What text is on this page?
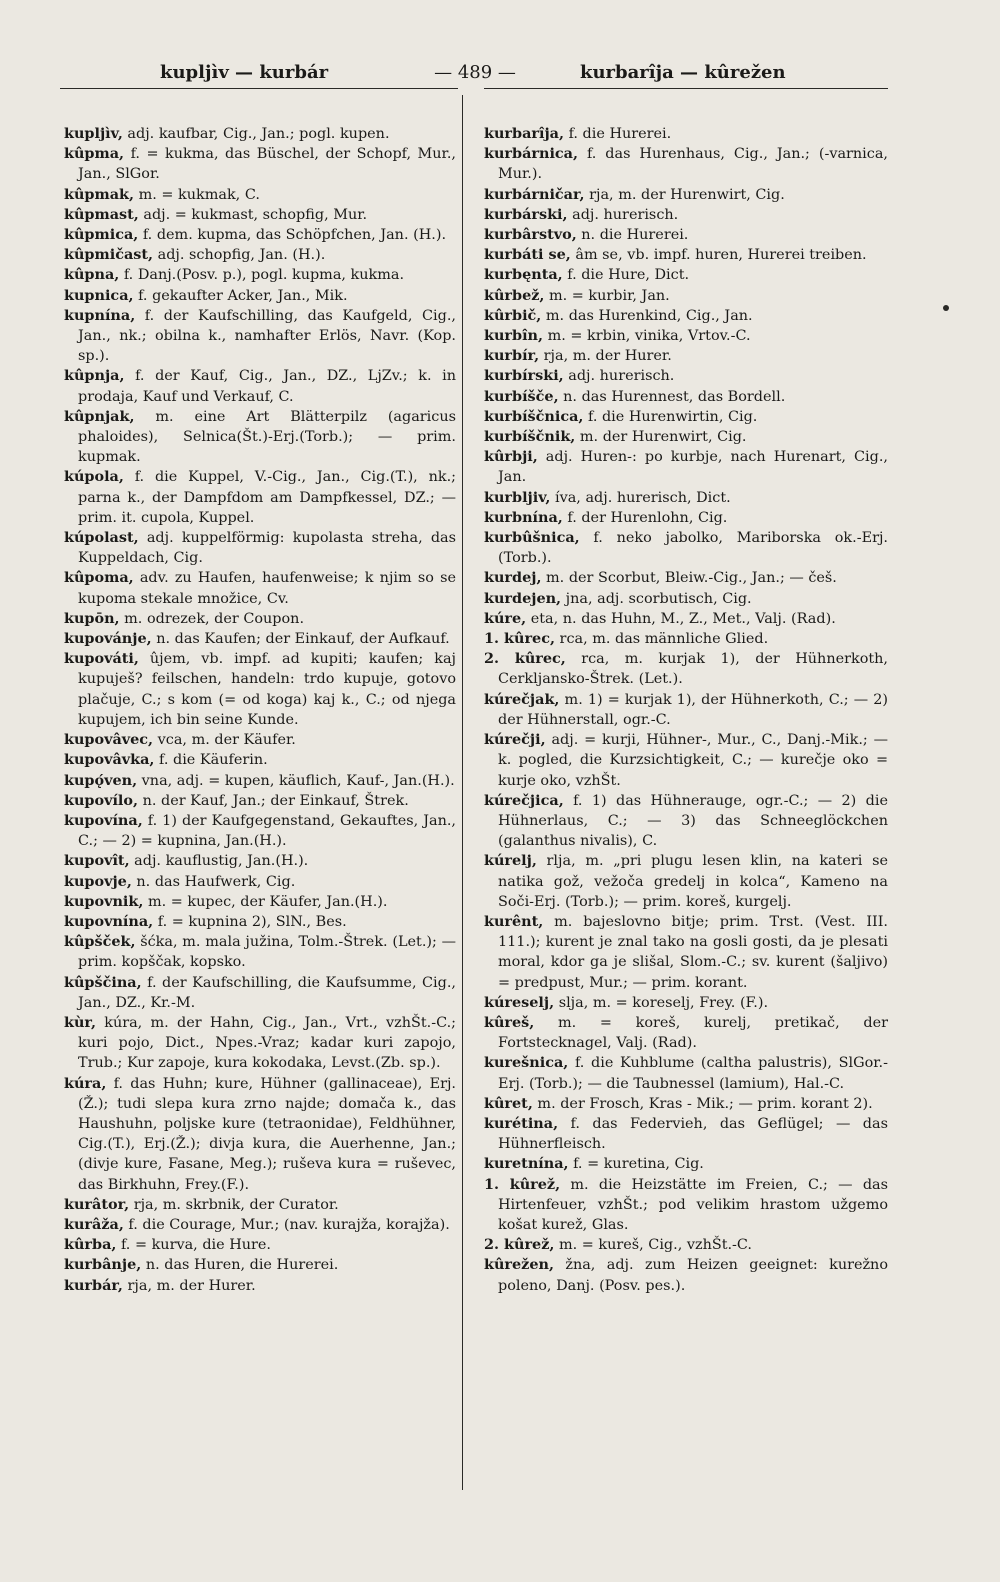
kupljìv — kurbár	— 489 —	kurbarîja — kûrežen

kupljìv, adj. kaufbar, Cig., Jan.; pogl. kupen.

kûpma, f. = kukma, das Büschel, der Schopf, Mur., Jan., SlGor.

kûpmak, m. = kukmak, C.

kûpmast, adj. = kukmast, schopfig, Mur.

kûpmica, f. dem. kupma, das Schöpfchen, Jan. (H.).

kûpmičast, adj. schopfig, Jan. (H.).

kûpna, f. Danj.(Posv. p.), pogl. kupma, kukma.

kupnica, f. gekaufter Acker, Jan., Mik.

kupnína, f. der Kaufschilling, das Kaufgeld, Cig., Jan., nk.; obilna k., namhafter Erlös, Navr. (Kop. sp.).

kûpnja, f. der Kauf, Cig., Jan., DZ., LjZv.; k. in prodaja, Kauf und Verkauf, C.

kûpnjak, m. eine Art Blätterpilz (agaricus phaloides), Selnica(Št.)-Erj.(Torb.); — prim. kupmak.

kúpola, f. die Kuppel, V.-Cig., Jan., Cig.(T.), nk.; parna k., der Dampfdom am Dampfkessel, DZ.; — prim. it. cupola, Kuppel.

kúpolast, adj. kuppelförmig: kupolasta streha, das Kuppeldach, Cig.

kûpoma, adv. zu Haufen, haufenweise; k njim so se kupoma stekale množice, Cv.

kupōn, m. odrezek, der Coupon.

kupovánje, n. das Kaufen; der Einkauf, der Aufkauf.

kupováti, ûjem, vb. impf. ad kupiti; kaufen; kaj kupuješ? feilschen, handeln: trdo kupuje, gotovo plačuje, C.; s kom (= od koga) kaj k., C.; od njega kupujem, ich bin seine Kunde.

kupovâvec, vca, m. der Käufer.

kupovâvka, f. die Käuferin.

kupǫ́ven, vna, adj. = kupen, käuflich, Kauf-, Jan.(H.).

kupovílo, n. der Kauf, Jan.; der Einkauf, Štrek.

kupovína, f. 1) der Kaufgegenstand, Gekauftes, Jan., C.; — 2) = kupnina, Jan.(H.).

kupovît, adj. kauflustig, Jan.(H.).

kupovje, n. das Haufwerk, Cig.

kupovnik, m. = kupec, der Käufer, Jan.(H.).

kupovnína, f. = kupnina 2), SlN., Bes.

kûpšček, šćka, m. mala južina, Tolm.-Štrek. (Let.); — prim. kopščak, kopsko.

kûpščina, f. der Kaufschilling, die Kaufsumme, Cig., Jan., DZ., Kr.-M.

kùr, kúra, m. der Hahn, Cig., Jan., Vrt., vzhŠt.-C.; kuri pojo, Dict., Npes.-Vraz; kadar kuri zapojo, Trub.; Kur zapoje, kura kokodaka, Levst.(Zb. sp.).

kúra, f. das Huhn; kure, Hühner (gallinaceae), Erj.(Ž.); tudi slepa kura zrno najde; domača k., das Haushuhn, poljske kure (tetraonidae), Feldhühner, Cig.(T.), Erj.(Ž.); divja kura, die Auerhenne, Jan.; (divje kure, Fasane, Meg.); ruševa kura = ruševec, das Birkhuhn, Frey.(F.).

kurâtor, rja, m. skrbnik, der Curator.

kurâža, f. die Courage, Mur.; (nav. kurajža, korajža).

kûrba, f. = kurva, die Hure.

kurbânje, n. das Huren, die Hurerei.

kurbár, rja, m. der Hurer.

kurbarîja, f. die Hurerei.

kurbárnica, f. das Hurenhaus, Cig., Jan.; (-varnica, Mur.).

kurbárničar, rja, m. der Hurenwirt, Cig.

kurbárski, adj. hurerisch.

kurbârstvo, n. die Hurerei.

kurbáti se, âm se, vb. impf. huren, Hurerei treiben.

kurbęnta, f. die Hure, Dict.

kûrbež, m. = kurbir, Jan.

kûrbič, m. das Hurenkind, Cig., Jan.

kurbîn, m. = krbin, vinika, Vrtov.-C.

kurbír, rja, m. der Hurer.

kurbírski, adj. hurerisch.

kurbíšče, n. das Hurennest, das Bordell.

kurbíščnica, f. die Hurenwirtin, Cig.

kurbíščnik, m. der Hurenwirt, Cig.

kûrbji, adj. Huren-: po kurbje, nach Hurenart, Cig., Jan.

kurbljiv, íva, adj. hurerisch, Dict.

kurbnína, f. der Hurenlohn, Cig.

kurbûšnica, f. neko jabolko, Mariborska ok.-Erj. (Torb.).

kurdej, m. der Scorbut, Bleiw.-Cig., Jan.; — češ.

kurdejen, jna, adj. scorbutisch, Cig.

kúre, eta, n. das Huhn, M., Z., Met., Valj. (Rad).

1. kûrec, rca, m. das männliche Glied.

2. kûrec, rca, m. kurjak 1), der Hühnerkoth, Cerkljansko-Štrek. (Let.).

kúrečjak, m. 1) = kurjak 1), der Hühnerkoth, C.; — 2) der Hühnerstall, ogr.-C.

kúrečji, adj. = kurji, Hühner-, Mur., C., Danj.-Mik.; — k. pogled, die Kurzsichtigkeit, C.; — kurečje oko = kurje oko, vzhŠt.

kúrečjica, f. 1) das Hühnerauge, ogr.-C.; — 2) die Hühnerlaus, C.; — 3) das Schneeglöckchen (galanthus nivalis), C.

kúrelj, rlja, m. „pri plugu lesen klin, na kateri se natika gož, vežoča gredelj in kolca“, Kameno na Soči-Erj. (Torb.); — prim. koreš, kurgelj.

kurênt, m. bajeslovno bitje; prim. Trst. (Vest. III. 111.); kurent je znal tako na gosli gosti, da je plesati moral, kdor ga je slišal, Slom.-C.; sv. kurent (šaljivo) = predpust, Mur.; — prim. korant.

kúreselj, slja, m. = koreselj, Frey. (F.).

kûreš, m. = koreš, kurelj, pretikač, der Fortstecknagel, Valj. (Rad).

kurešnica, f. die Kuhblume (caltha palustris), SlGor.- Erj. (Torb.); — die Taubnessel (lamium), Hal.-C.

kûret, m. der Frosch, Kras - Mik.; — prim. korant 2).

kurétina, f. das Federvieh, das Geflügel; — das Hühnerfleisch.

kuretnína, f. = kuretina, Cig.

1. kûrež, m. die Heizstätte im Freien, C.; — das Hirtenfeuer, vzhŠt.; pod velikim hrastom užgemo košat kurež, Glas.

2. kûrež, m. = kureš, Cig., vzhŠt.-C.

kûrežen, žna, adj. zum Heizen geeignet: kurežno poleno, Danj. (Posv. pes.).
